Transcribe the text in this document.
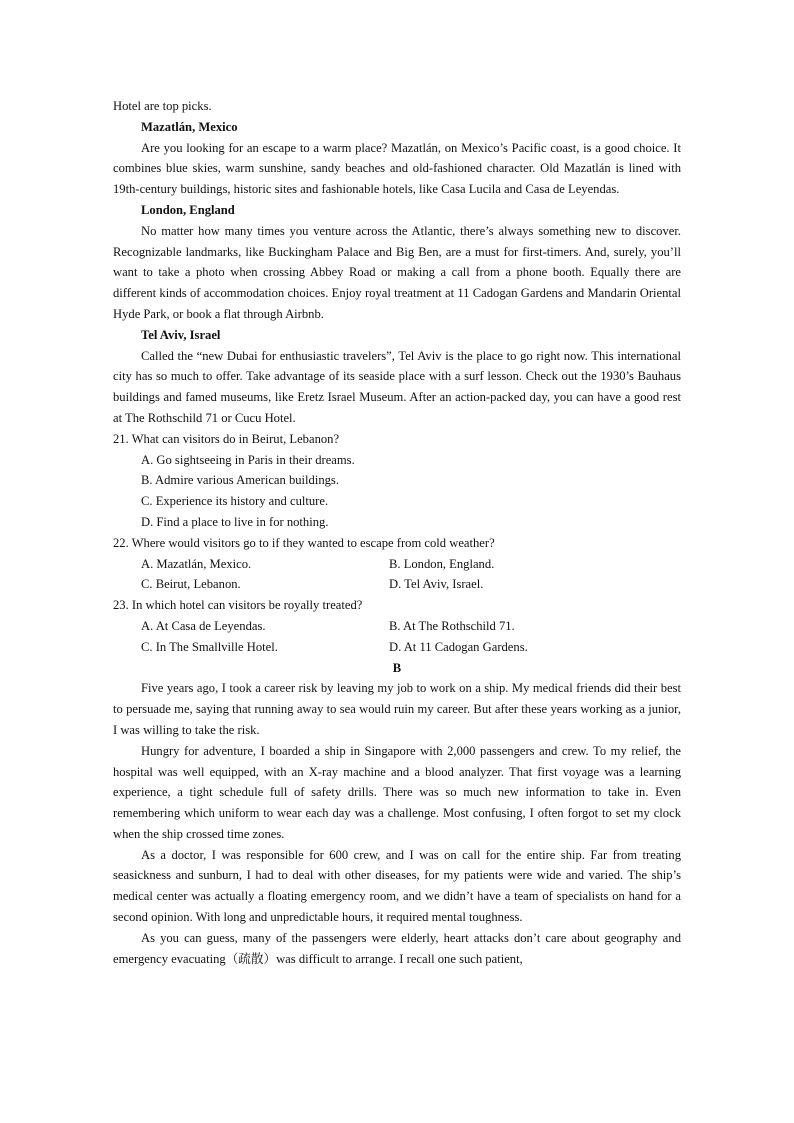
Hotel are top picks.

Mazatlán, Mexico

Are you looking for an escape to a warm place? Mazatlán, on Mexico’s Pacific coast, is a good choice. It combines blue skies, warm sunshine, sandy beaches and old-fashioned character. Old Mazatlán is lined with 19th-century buildings, historic sites and fashionable hotels, like Casa Lucila and Casa de Leyendas.

London, England

No matter how many times you venture across the Atlantic, there’s always something new to discover. Recognizable landmarks, like Buckingham Palace and Big Ben, are a must for first-timers. And, surely, you’ll want to take a photo when crossing Abbey Road or making a call from a phone booth. Equally there are different kinds of accommodation choices. Enjoy royal treatment at 11 Cadogan Gardens and Mandarin Oriental Hyde Park, or book a flat through Airbnb.

Tel Aviv, Israel

Called the “new Dubai for enthusiastic travelers”, Tel Aviv is the place to go right now. This international city has so much to offer. Take advantage of its seaside place with a surf lesson. Check out the 1930’s Bauhaus buildings and famed museums, like Eretz Israel Museum. After an action-packed day, you can have a good rest at The Rothschild 71 or Cucu Hotel.

21. What can visitors do in Beirut, Lebanon?

A. Go sightseeing in Paris in their dreams.

B. Admire various American buildings.

C. Experience its history and culture.

D. Find a place to live in for nothing.

22. Where would visitors go to if they wanted to escape from cold weather?

A. Mazatlán, Mexico.	B. London, England.
C. Beirut, Lebanon.	D. Tel Aviv, Israel.

23. In which hotel can visitors be royally treated?

A. At Casa de Leyendas.	B. At The Rothschild 71.
C. In The Smallville Hotel.	D. At 11 Cadogan Gardens.

B

Five years ago, I took a career risk by leaving my job to work on a ship. My medical friends did their best to persuade me, saying that running away to sea would ruin my career. But after these years working as a junior, I was willing to take the risk.

Hungry for adventure, I boarded a ship in Singapore with 2,000 passengers and crew. To my relief, the hospital was well equipped, with an X-ray machine and a blood analyzer. That first voyage was a learning experience, a tight schedule full of safety drills. There was so much new information to take in. Even remembering which uniform to wear each day was a challenge. Most confusing, I often forgot to set my clock when the ship crossed time zones.

As a doctor, I was responsible for 600 crew, and I was on call for the entire ship. Far from treating seasickness and sunburn, I had to deal with other diseases, for my patients were wide and varied. The ship’s medical center was actually a floating emergency room, and we didn’t have a team of specialists on hand for a second opinion. With long and unpredictable hours, it required mental toughness.

As you can guess, many of the passengers were elderly, heart attacks don’t care about geography and emergency evacuating（疏散）was difficult to arrange. I recall one such patient,
